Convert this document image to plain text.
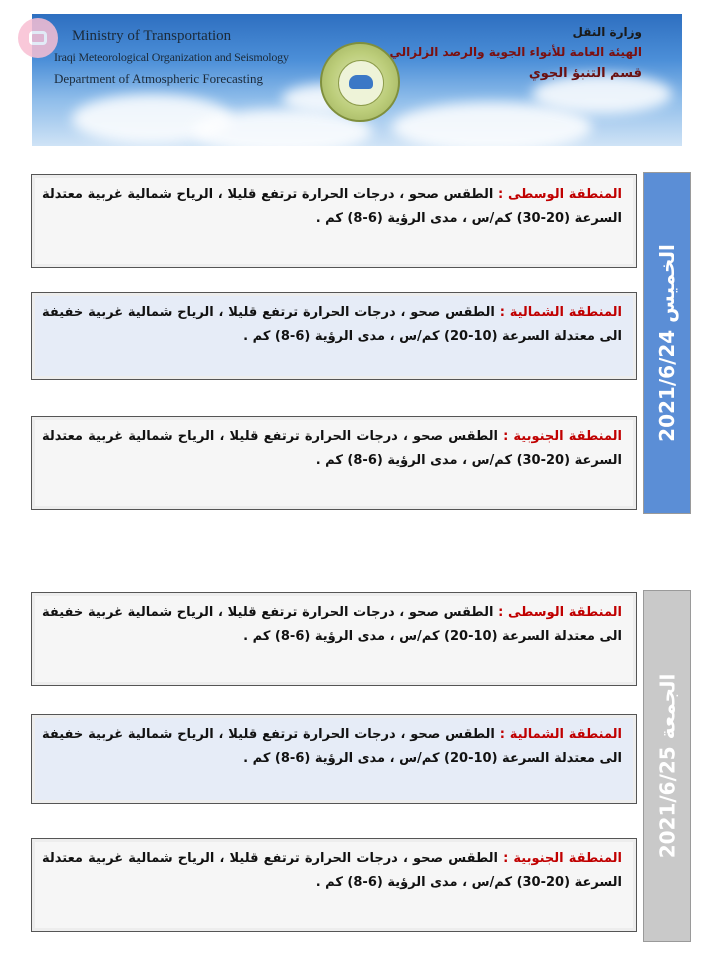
Ministry of Transportation
Iraqi Meteorological Organization and Seismology
Department of Atmospheric Forecasting
وزارة النقل
الهيئة العامة للأنواء الجوية والرصد الزلزالي
قسم التنبؤ الجوي
الخميس 2021/6/24
المنطقة الوسطى : الطقس صحو ، درجات الحرارة ترتفع قليلا ، الرياح شمالية غربية معتدلة السرعة (20-30) كم/س ، مدى الرؤية (6-8) كم .
المنطقة الشمالية : الطقس صحو ، درجات الحرارة ترتفع قليلا ، الرياح شمالية غربية خفيفة الى معتدلة السرعة (10-20) كم/س ، مدى الرؤية (6-8) كم .
المنطقة الجنوبية : الطقس صحو ، درجات الحرارة ترتفع قليلا ، الرياح شمالية غربية معتدلة السرعة (20-30) كم/س ، مدى الرؤية (6-8) كم .
الجمعة 2021/6/25
المنطقة الوسطى : الطقس صحو ، درجات الحرارة ترتفع قليلا ، الرياح شمالية غربية خفيفة الى معتدلة السرعة (10-20) كم/س ، مدى الرؤية (6-8) كم .
المنطقة الشمالية : الطقس صحو ، درجات الحرارة ترتفع قليلا ، الرياح شمالية غربية خفيفة الى معتدلة السرعة (10-20) كم/س ، مدى الرؤية (6-8) كم .
المنطقة الجنوبية : الطقس صحو ، درجات الحرارة ترتفع قليلا ، الرياح شمالية غربية معتدلة السرعة (20-30) كم/س ، مدى الرؤية (6-8) كم .
